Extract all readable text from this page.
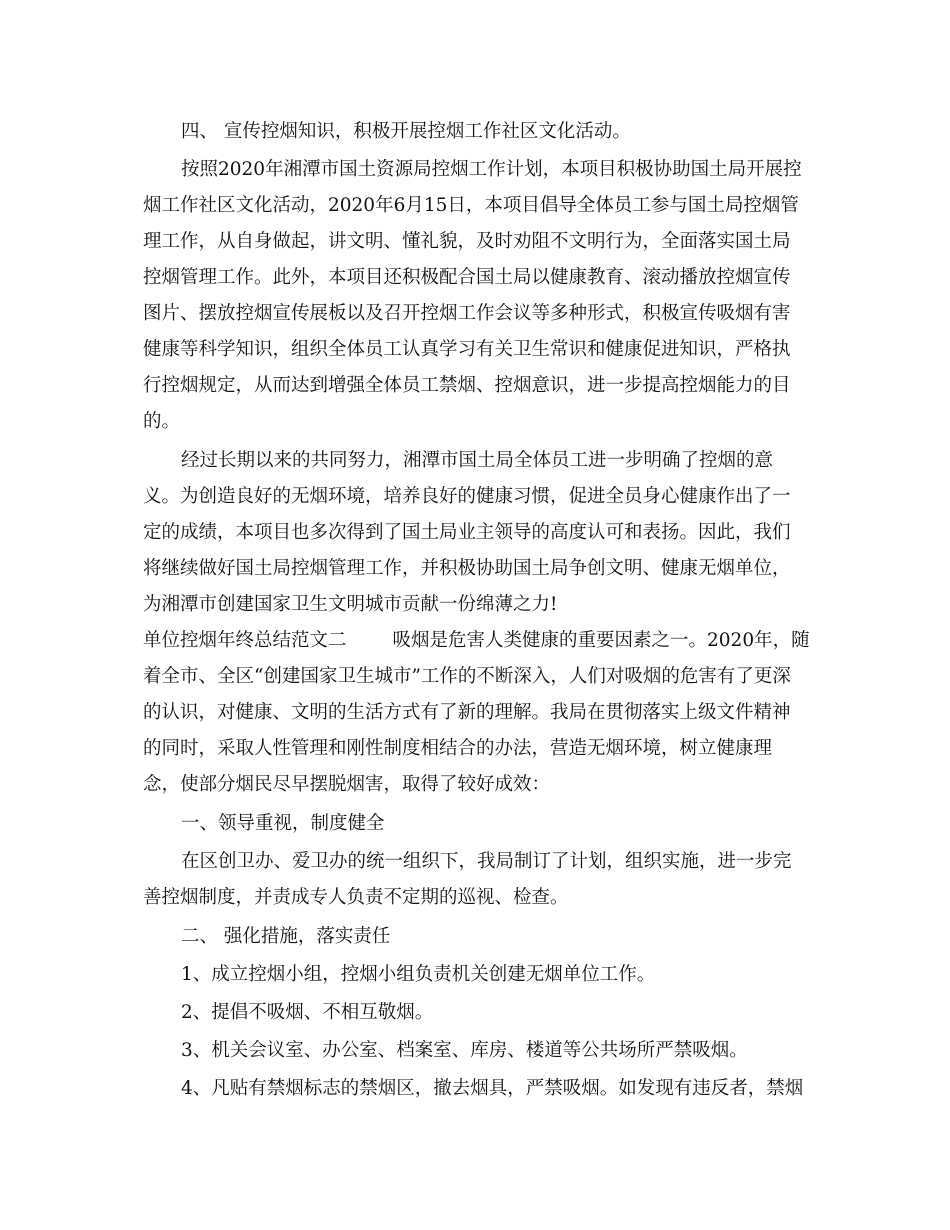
四、 宣传控烟知识，积极开展控烟工作社区文化活动。

按照2020年湘潭市国土资源局控烟工作计划，本项目积极协助国土局开展控

烟工作社区文化活动，2020年6月15日，本项目倡导全体员工参与国土局控烟管

理工作，从自身做起，讲文明、懂礼貌，及时劝阻不文明行为，全面落实国土局

控烟管理工作。此外，本项目还积极配合国土局以健康教育、滚动播放控烟宣传

图片、摆放控烟宣传展板以及召开控烟工作会议等多种形式，积极宣传吸烟有害

健康等科学知识，组织全体员工认真学习有关卫生常识和健康促进知识，严格执

行控烟规定，从而达到增强全体员工禁烟、控烟意识，进一步提高控烟能力的目

的。

经过长期以来的共同努力，湘潭市国土局全体员工进一步明确了控烟的意

义。为创造良好的无烟环境，培养良好的健康习惯，促进全员身心健康作出了一

定的成绩，本项目也多次得到了国土局业主领导的高度认可和表扬。因此，我们

将继续做好国土局控烟管理工作，并积极协助国土局争创文明、健康无烟单位，

为湘潭市创建国家卫生文明城市贡献一份绵薄之力!

单位控烟年终总结范文二 吸烟是危害人类健康的重要因素之一。2020年，随

着全市、全区“创建国家卫生城市”工作的不断深入，人们对吸烟的危害有了更深

的认识，对健康、文明的生活方式有了新的理解。我局在贯彻落实上级文件精神

的同时，采取人性管理和刚性制度相结合的办法，营造无烟环境，树立健康理

念，使部分烟民尽早摆脱烟害，取得了较好成效：

一、领导重视，制度健全

在区创卫办、爱卫办的统一组织下，我局制订了计划，组织实施，进一步完

善控烟制度，并责成专人负责不定期的巡视、检查。

二、 强化措施，落实责任

1、成立控烟小组，控烟小组负责机关创建无烟单位工作。

2、提倡不吸烟、不相互敬烟。

3、机关会议室、办公室、档案室、库房、楼道等公共场所严禁吸烟。

4、凡贴有禁烟标志的禁烟区，撤去烟具，严禁吸烟。如发现有违反者，禁烟
